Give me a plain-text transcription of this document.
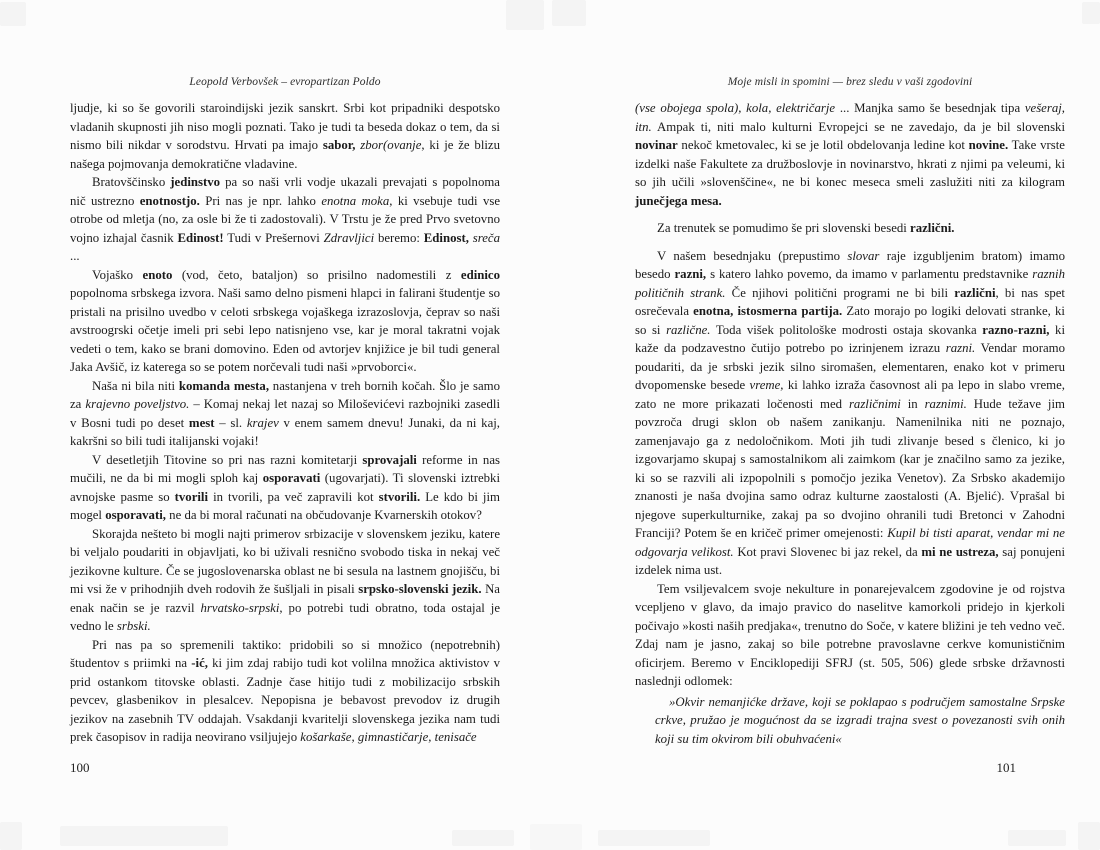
Leopold Verbovšek – evropartizan Poldo

ljudje, ki so še govorili staroindijski jezik sanskrt. Srbi kot pripadniki despotsko vladanih skupnosti jih niso mogli poznati. Tako je tudi ta beseda dokaz o tem, da si nismo bili nikdar v sorodstvu. Hrvati pa imajo sabor, zbor(ovanje, ki je že blizu našega pojmovanja demokratične vladavine.

Bratovščinsko jedinstvo pa so naši vrli vodje ukazali prevajati s popolnoma nič ustrezno enotnostjo. Pri nas je npr. lahko enotna moka, ki vsebuje tudi vse otrobe od mletja (no, za osle bi že ti zadostovali). V Trstu je že pred Prvo svetovno vojno izhajal časnik Edinost! Tudi v Prešernovi Zdravljici beremo: Edinost, sreča ...

Vojaško enoto (vod, četo, bataljon) so prisilno nadomestili z edinico popolnoma srbskega izvora. Naši samo delno pismeni hlapci in falirani študentje so pristali na prisilno uvedbo v celoti srbskega vojaškega izrazoslovja, čeprav so naši avstroogrski očetje imeli pri sebi lepo natisnjeno vse, kar je moral takratni vojak vedeti o tem, kako se brani domovino. Eden od avtorjev knjižice je bil tudi general Jaka Avšič, iz katerega so se potem norčevali tudi naši »prvoborci«.

Naša ni bila niti komanda mesta, nastanjena v treh bornih kočah. Šlo je samo za krajevno poveljstvo. – Komaj nekaj let nazaj so Miloševićevi razbojniki zasedli v Bosni tudi po deset mest – sl. krajev v enem samem dnevu! Junaki, da ni kaj, kakršni so bili tudi italijanski vojaki!

V desetletjih Titovine so pri nas razni komitetarji sprovajali reforme in nas mučili, ne da bi mi mogli sploh kaj osporavati (ugovarjati). Ti slovenski iztrebki avnojske pasme so tvorili in tvorili, pa več zapravili kot stvorili. Le kdo bi jim mogel osporavati, ne da bi moral računati na občudovanje Kvarnerskih otokov?

Skorajda nešteto bi mogli najti primerov srbizacije v slovenskem jeziku, katere bi veljalo poudariti in objavljati, ko bi uživali resnično svobodo tiska in nekaj več jezikovne kulture. Če se jugoslovenarska oblast ne bi sesula na lastnem gnojišču, bi mi vsi že v prihodnjih dveh rodovih že šušljali in pisali srpsko-slovenski jezik. Na enak način se je razvil hrvatsko-srpski, po potrebi tudi obratno, toda ostajal je vedno le srbski.

Pri nas pa so spremenili taktiko: pridobili so si množico (nepotrebnih) študentov s priimki na -ić, ki jim zdaj rabijo tudi kot volilna množica aktivistov v prid ostankom titovske oblasti. Zadnje čase hitijo tudi z mobilizacijo srbskih pevcev, glasbenikov in plesalcev. Nepopisna je bebavost prevodov iz drugih jezikov na zasebnih TV oddajah. Vsakdanji kvaritelji slovenskega jezika nam tudi prek časopisov in radija neovirano vsiljujejo košarkaše, gimnastičarje, tenisače

100
Moje misli in spomini — brez sledu v vaši zgodovini

(vse obojega spola), kola, električarje ... Manjka samo še besednjak tipa vešeraj, itn. Ampak ti, niti malo kulturni Evropejci se ne zavedajo, da je bil slovenski novinar nekoč kmetovalec, ki se je lotil obdelovanja ledine kot novine. Take vrste izdelki naše Fakultete za družboslovje in novinarstvo, hkrati z njimi pa veleumi, ki so jih učili »slovenščine«, ne bi konec meseca smeli zaslužiti niti za kilogram junečjega mesa.

Za trenutek se pomudimo še pri slovenski besedi različni.

V našem besednjaku (prepustimo slovar raje izgubljenim bratom) imamo besedo razni, s katero lahko povemo, da imamo v parlamentu predstavnike raznih političnih strank. Če njihovi politični programi ne bi bili različni, bi nas spet osrečevala enotna, istosmerna partija. Zato morajo po logiki delovati stranke, ki so si različne. Toda višek politološke modrosti ostaja skovanka razno-razni, ki kaže da podzavestno čutijo potrebo po izrinjenem izrazu razni. Vendar moramo poudariti, da je srbski jezik silno siromašen, elementaren, enako kot v primeru dvopomenske besede vreme, ki lahko izraža časovnost ali pa lepo in slabo vreme, zato ne more prikazati ločenosti med različnimi in raznimi. Hude težave jim povzroča drugi sklon ob našem zanikanju. Namenilnika niti ne poznajo, zamenjavajo ga z nedoločnikom. Moti jih tudi zlivanje besed s členico, ki jo izgovarjamo skupaj s samostalnikom ali zaimkom (kar je značilno samo za jezike, ki so se razvili ali izpopolnili s pomočjo jezika Venetov). Za Srbsko akademijo znanosti je naša dvojina samo odraz kulturne zaostalosti (A. Bjelić). Vprašal bi njegove superkulturnike, zakaj pa so dvojino ohranili tudi Bretonci v Zahodni Franciji? Potem še en kričeč primer omejenosti: Kupil bi tisti aparat, vendar mi ne odgovarja velikost. Kot pravi Slovenec bi jaz rekel, da mi ne ustreza, saj ponujeni izdelek nima ust.

Tem vsiljevalcem svoje nekulture in ponarejevalcem zgodovine je od rojstva vcepljeno v glavo, da imajo pravico do naselitve kamorkoli pridejo in kjerkoli počivajo »kosti naših predjaka«, trenutno do Soče, v katere bližini je teh vedno več. Zdaj nam je jasno, zakaj so bile potrebne pravoslavne cerkve komunističnim oficirjem. Beremo v Enciklopediji SFRJ (st. 505, 506) glede srbske državnosti naslednji odlomek:

»Okvir nemanjićke države, koji se poklapao s područjem samostalne Srpske crkve, pružao je mogućnost da se izgradi trajna svest o povezanosti svih onih koji su tim okvirom bili obuhvaćeni«

101
